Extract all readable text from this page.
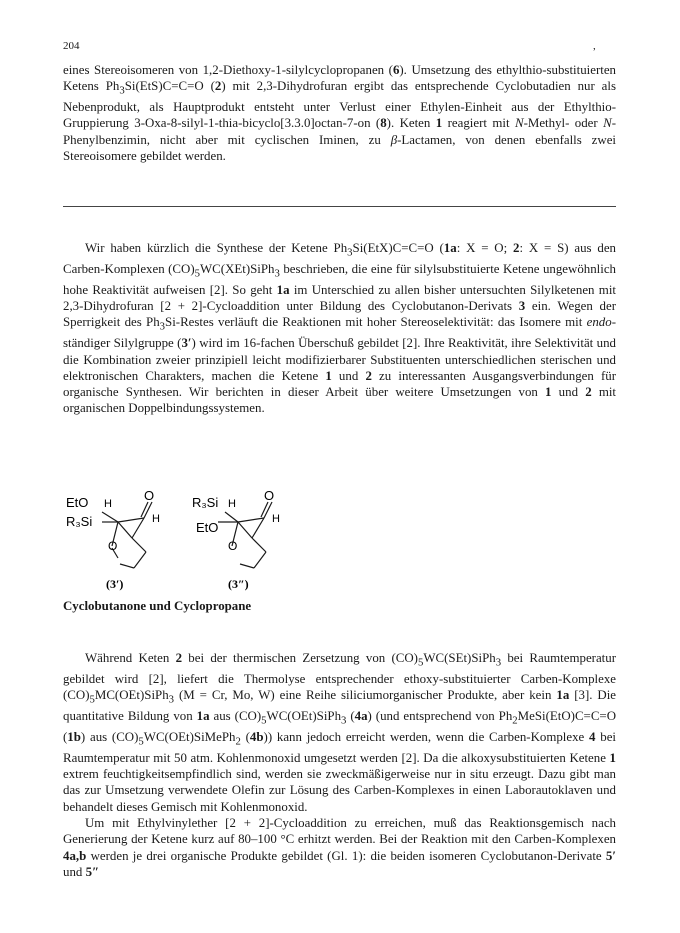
204	,

eines Stereoisomeren von 1,2-Diethoxy-1-silylcyclopropanen (6). Umsetzung des ethylthio-substituierten Ketens $Ph_3Si(EtS)C=C=O$ (2) mit 2,3-Dihydrofuran ergibt das entsprechende Cyclobutadien nur als Nebenprodukt, als Hauptprodukt entsteht unter Verlust einer Ethylen-Einheit aus der Ethylthio-Gruppierung 3-Oxa-8-silyl-1-thia-bicyclo[3.3.0]octan-7-on (8). Keten 1 reagiert mit N-Methyl- oder N-Phenylbenzimin, nicht aber mit cyclischen Iminen, zu β-Lactamen, von denen ebenfalls zwei Stereoisomere gebildet werden.

Wir haben kürzlich die Synthese der Ketene $Ph_3Si(EtX)C=C=O$ (1a: X = O; 2: X = S) aus den Carben-Komplexen $(CO)_5WC(XEt)SiPh_3$ beschrieben, die eine für silylsubstituierte Ketene ungewöhnlich hohe Reaktivität aufweisen [2]. So geht 1a im Unterschied zu allen bisher untersuchten Silylketenen mit 2,3-Dihydrofuran [2 + 2]-Cycloaddition unter Bildung des Cyclobutanon-Derivats 3 ein. Wegen der Sperrigkeit des $Ph_3Si$-Restes verläuft die Reaktionen mit hoher Stereoselektivität: das Isomere mit endo-ständiger Silylgruppe (3′) wird im 16-fachen Überschuß gebildet [2]. Ihre Reaktivität, ihre Selektivität und die Kombination zweier prinzipiell leicht modifizierbarer Substituenten unterschiedlichen sterischen und elektronischen Charakters, machen die Ketene 1 und 2 zu interessanten Ausgangsverbindungen für organische Synthesen. Wir berichten in dieser Arbeit über weitere Umsetzungen von 1 und 2 mit organischen Doppelbindungssystemen.

EtO H
R₃Si
O
H
O
(3′)
R₃Si H
EtO
O
H
O
(3″)
Cyclobutanone und Cyclopropane

Während Keten 2 bei der thermischen Zersetzung von $(CO)_5WC(SEt)SiPh_3$ bei Raumtemperatur gebildet wird [2], liefert die Thermolyse entsprechender ethoxy-substituierter Carben-Komplexe $(CO)_5MC(OEt)SiPh_3$ (M = Cr, Mo, W) eine Reihe siliciumorganischer Produkte, aber kein 1a [3]. Die quantitative Bildung von 1a aus $(CO)_5WC(OEt)SiPh_3$ (4a) (und entsprechend von $Ph_2MeSi(EtO)C=C=O$ (1b) aus $(CO)_5WC(OEt)SiMePh_2$ (4b)) kann jedoch erreicht werden, wenn die Carben-Komplexe 4 bei Raumtemperatur mit 50 atm. Kohlenmonoxid umgesetzt werden [2]. Da die alkoxysubstituierten Ketene 1 extrem feuchtigkeitsempfindlich sind, werden sie zweckmäßigerweise nur in situ erzeugt. Dazu gibt man das zur Umsetzung verwendete Olefin zur Lösung des Carben-Komplexes in einen Laborautoklaven und behandelt dieses Gemisch mit Kohlenmonoxid.
Um mit Ethylvinylether [2 + 2]-Cycloaddition zu erreichen, muß das Reaktionsgemisch nach Generierung der Ketene kurz auf 80–100 °C erhitzt werden. Bei der Reaktion mit den Carben-Komplexen 4a,b werden je drei organische Produkte gebildet (Gl. 1): die beiden isomeren Cyclobutanon-Derivate 5′ und 5″
